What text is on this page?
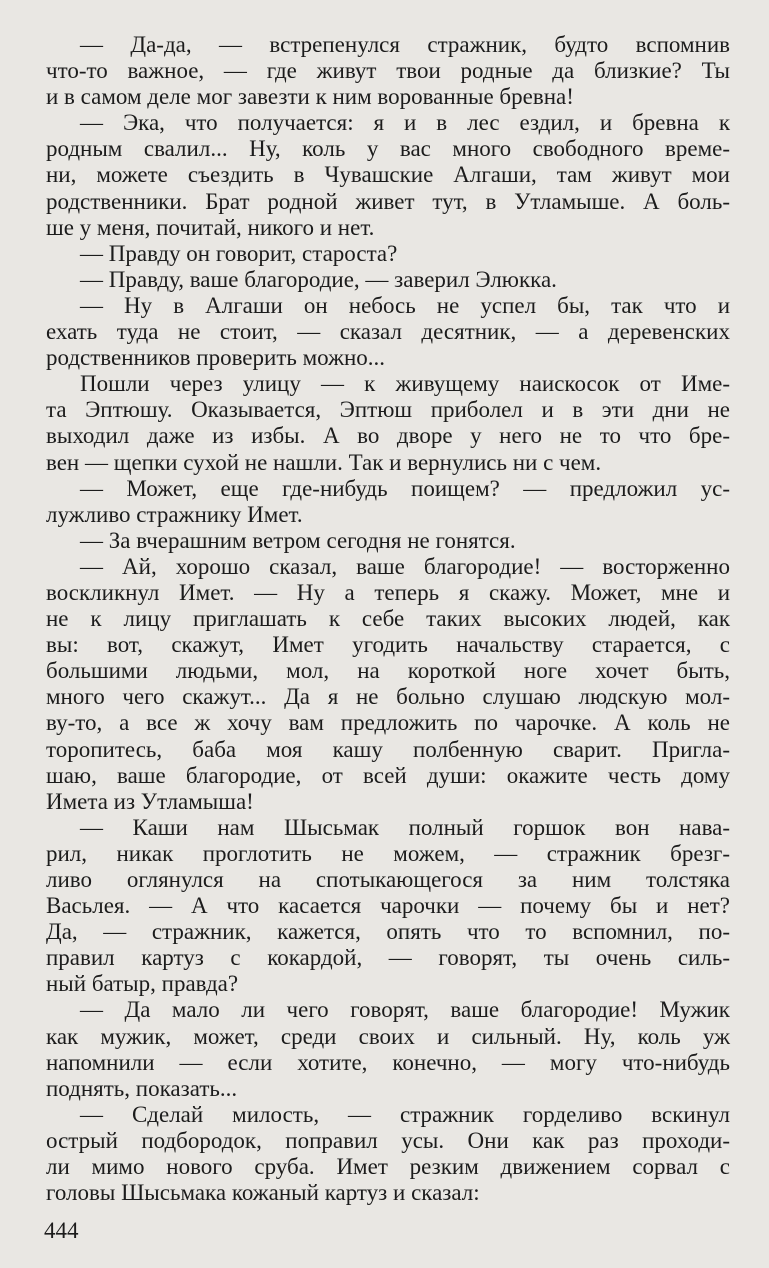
— Да-да, — встрепенулся стражник, будто вспомнив
что-то важное, — где живут твои родные да близкие? Ты
и в самом деле мог завезти к ним ворованные бревна!
— Эка, что получается: я и в лес ездил, и бревна к
родным свалил... Ну, коль у вас много свободного време-
ни, можете съездить в Чувашские Алгаши, там живут мои
родственники. Брат родной живет тут, в Утламыше. А боль-
ше у меня, почитай, никого и нет.
— Правду он говорит, староста?
— Правду, ваше благородие, — заверил Элюкка.
— Ну в Алгаши он небось не успел бы, так что и
ехать туда не стоит, — сказал десятник, — а деревенских
родственников проверить можно...
Пошли через улицу — к живущему наискосок от Име-
та Эптюшу. Оказывается, Эптюш приболел и в эти дни не
выходил даже из избы. А во дворе у него не то что бре-
вен — щепки сухой не нашли. Так и вернулись ни с чем.
— Может, еще где-нибудь поищем? — предложил ус-
лужливо стражнику Имет.
— За вчерашним ветром сегодня не гонятся.
— Ай, хорошо сказал, ваше благородие! — восторженно
воскликнул Имет. — Ну а теперь я скажу. Может, мне и
не к лицу приглашать к себе таких высоких людей, как
вы: вот, скажут, Имет угодить начальству старается, с
большими людьми, мол, на короткой ноге хочет быть,
много чего скажут... Да я не больно слушаю людскую мол-
ву-то, а все ж хочу вам предложить по чарочке. А коль не
торопитесь, баба моя кашу полбенную сварит. Пригла-
шаю, ваше благородие, от всей души: окажите честь дому
Имета из Утламыша!
— Каши нам Шысьмак полный горшок вон нава-
рил, никак проглотить не можем, — стражник брезг-
ливо оглянулся на спотыкающегося за ним толстяка
Васьлея. — А что касается чарочки — почему бы и нет?
Да, — стражник, кажется, опять что то вспомнил, по-
правил картуз с кокардой, — говорят, ты очень силь-
ный батыр, правда?
— Да мало ли чего говорят, ваше благородие! Мужик
как мужик, может, среди своих и сильный. Ну, коль уж
напомнили — если хотите, конечно, — могу что-нибудь
поднять, показать...
— Сделай милость, — стражник горделиво вскинул
острый подбородок, поправил усы. Они как раз проходи-
ли мимо нового сруба. Имет резким движением сорвал с
головы Шысьмака кожаный картуз и сказал:
444
